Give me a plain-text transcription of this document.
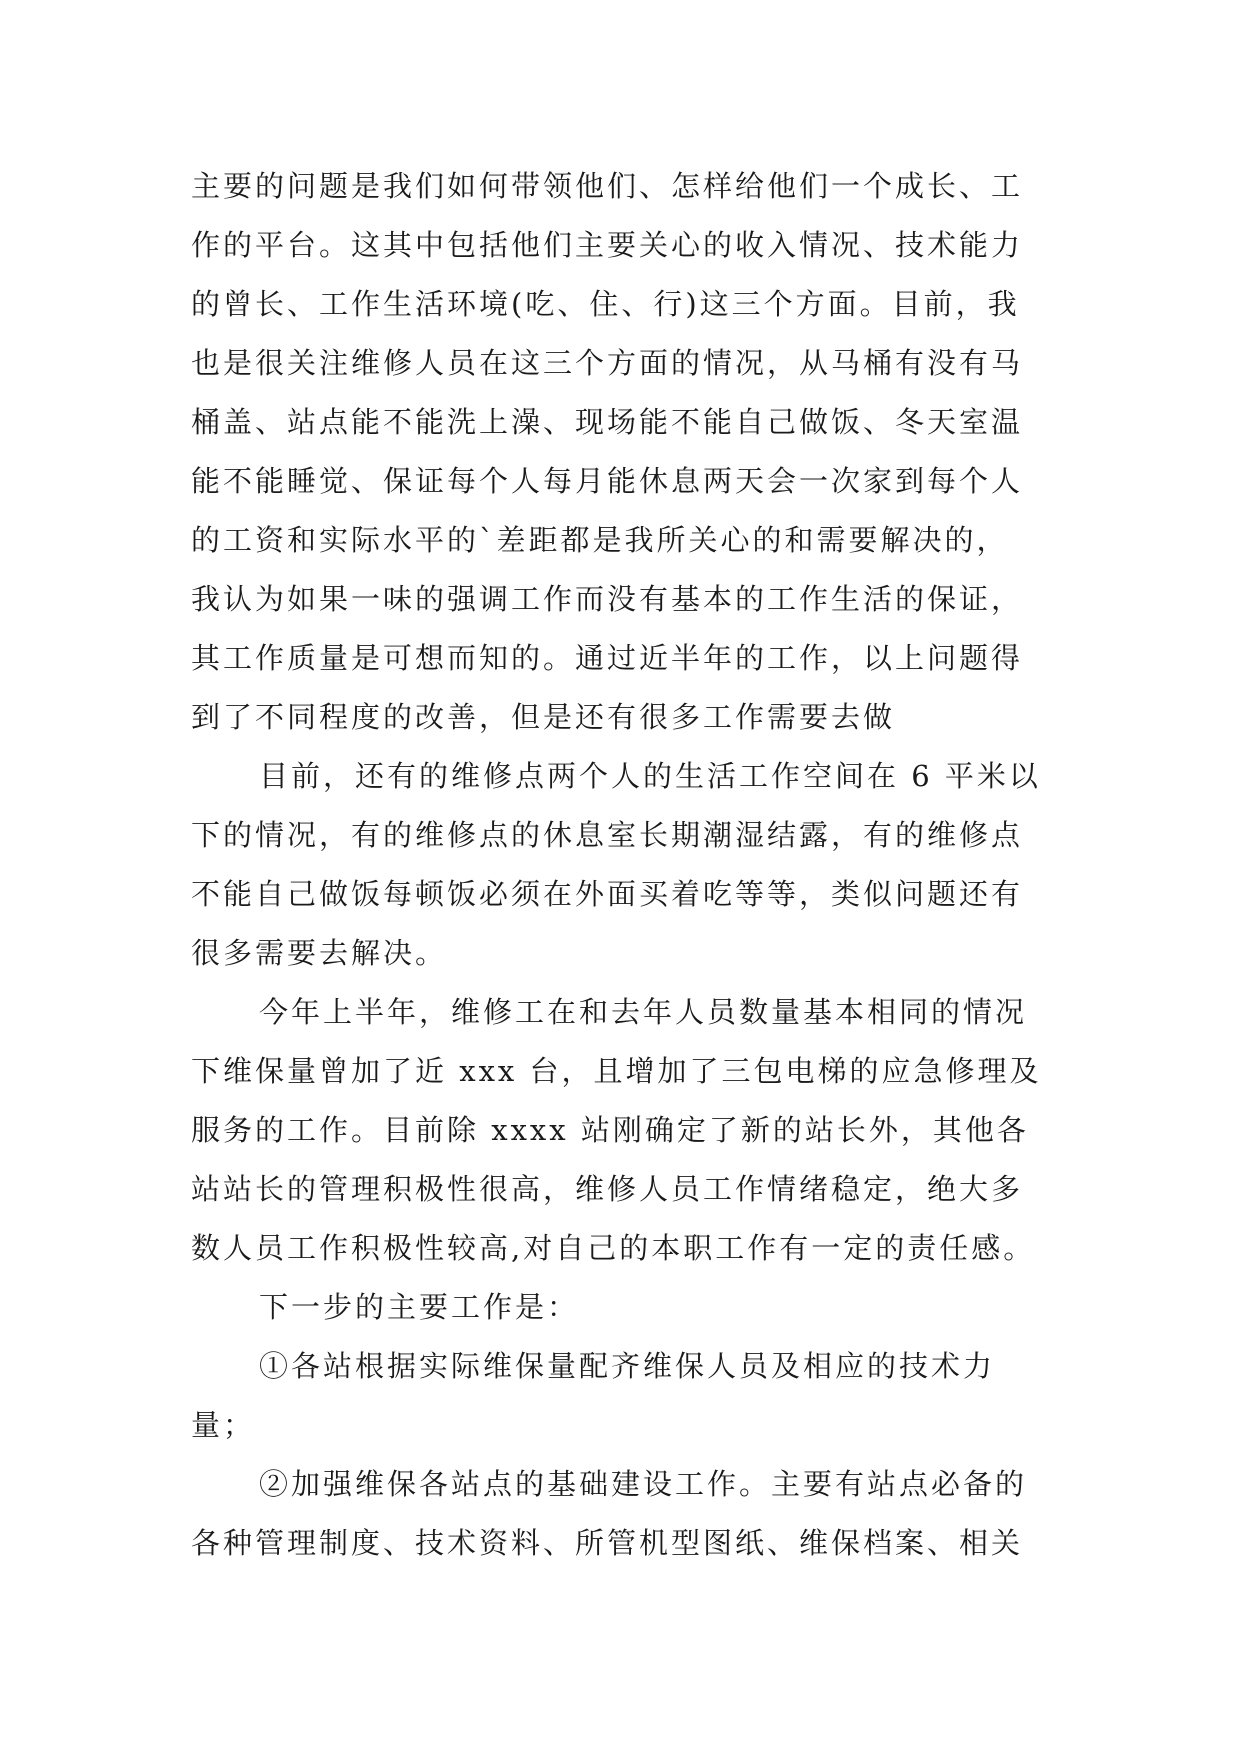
主要的问题是我们如何带领他们、怎样给他们一个成长、工

作的平台。这其中包括他们主要关心的收入情况、技术能力

的曾长、工作生活环境(吃、住、行)这三个方面。目前，我

也是很关注维修人员在这三个方面的情况，从马桶有没有马

桶盖、站点能不能洗上澡、现场能不能自己做饭、冬天室温

能不能睡觉、保证每个人每月能休息两天会一次家到每个人

的工资和实际水平的`差距都是我所关心的和需要解决的，

我认为如果一味的强调工作而没有基本的工作生活的保证，

其工作质量是可想而知的。通过近半年的工作，以上问题得

到了不同程度的改善，但是还有很多工作需要去做

目前，还有的维修点两个人的生活工作空间在 6 平米以

下的情况，有的维修点的休息室长期潮湿结露，有的维修点

不能自己做饭每顿饭必须在外面买着吃等等，类似问题还有

很多需要去解决。

今年上半年，维修工在和去年人员数量基本相同的情况

下维保量曾加了近 xxx 台，且增加了三包电梯的应急修理及

服务的工作。目前除 xxxx 站刚确定了新的站长外，其他各

站站长的管理积极性很高，维修人员工作情绪稳定，绝大多

数人员工作积极性较高,对自己的本职工作有一定的责任感。

下一步的主要工作是：

①各站根据实际维保量配齐维保人员及相应的技术力

量；

②加强维保各站点的基础建设工作。主要有站点必备的

各种管理制度、技术资料、所管机型图纸、维保档案、相关
